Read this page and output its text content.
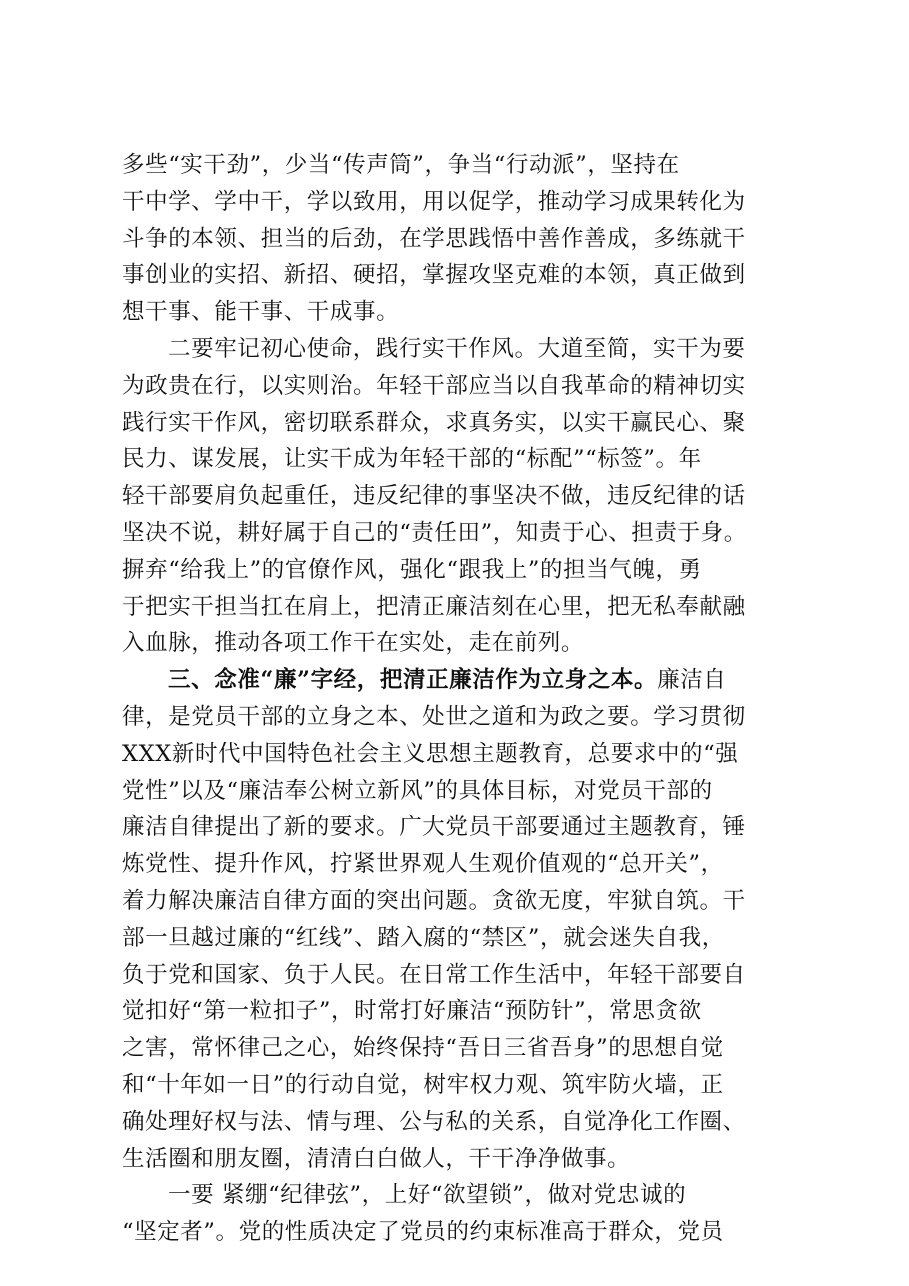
多些“实干劲”，少当“传声筒”，争当“行动派”，坚持在
干中学、学中干，学以致用，用以促学，推动学习成果转化为
斗争的本领、担当的后劲，在学思践悟中善作善成，多练就干
事创业的实招、新招、硬招，掌握攻坚克难的本领，真正做到
想干事、能干事、干成事。
二要牢记初心使命，践行实干作风。大道至简，实干为要
为政贵在行，以实则治。年轻干部应当以自我革命的精神切实
践行实干作风，密切联系群众，求真务实，以实干赢民心、聚
民力、谋发展，让实干成为年轻干部的“标配”“标签”。年
轻干部要肩负起重任，违反纪律的事坚决不做，违反纪律的话
坚决不说，耕好属于自己的“责任田”，知责于心、担责于身。
摒弃“给我上”的官僚作风，强化“跟我上”的担当气魄，勇
于把实干担当扛在肩上，把清正廉洁刻在心里，把无私奉献融
入血脉，推动各项工作干在实处，走在前列。
三、念准“廉”字经，把清正廉洁作为立身之本。廉洁自
律，是党员干部的立身之本、处世之道和为政之要。学习贯彻
XXX新时代中国特色社会主义思想主题教育，总要求中的“强
党性”以及“廉洁奉公树立新风”的具体目标，对党员干部的
廉洁自律提出了新的要求。广大党员干部要通过主题教育，锤
炼党性、提升作风，拧紧世界观人生观价值观的“总开关”，
着力解决廉洁自律方面的突出问题。贪欲无度，牢狱自筑。干
部一旦越过廉的“红线”、踏入腐的“禁区”，就会迷失自我，
负于党和国家、负于人民。在日常工作生活中，年轻干部要自
觉扣好“第一粒扣子”，时常打好廉洁“预防针”，常思贪欲
之害，常怀律己之心，始终保持“吾日三省吾身”的思想自觉
和“十年如一日”的行动自觉，树牢权力观、筑牢防火墙，正
确处理好权与法、情与理、公与私的关系，自觉净化工作圈、
生活圈和朋友圈，清清白白做人，干干净净做事。
一要 紧绷“纪律弦”，上好“欲望锁”，做对党忠诚的
“坚定者”。党的性质决定了党员的约束标准高于群众，党员
